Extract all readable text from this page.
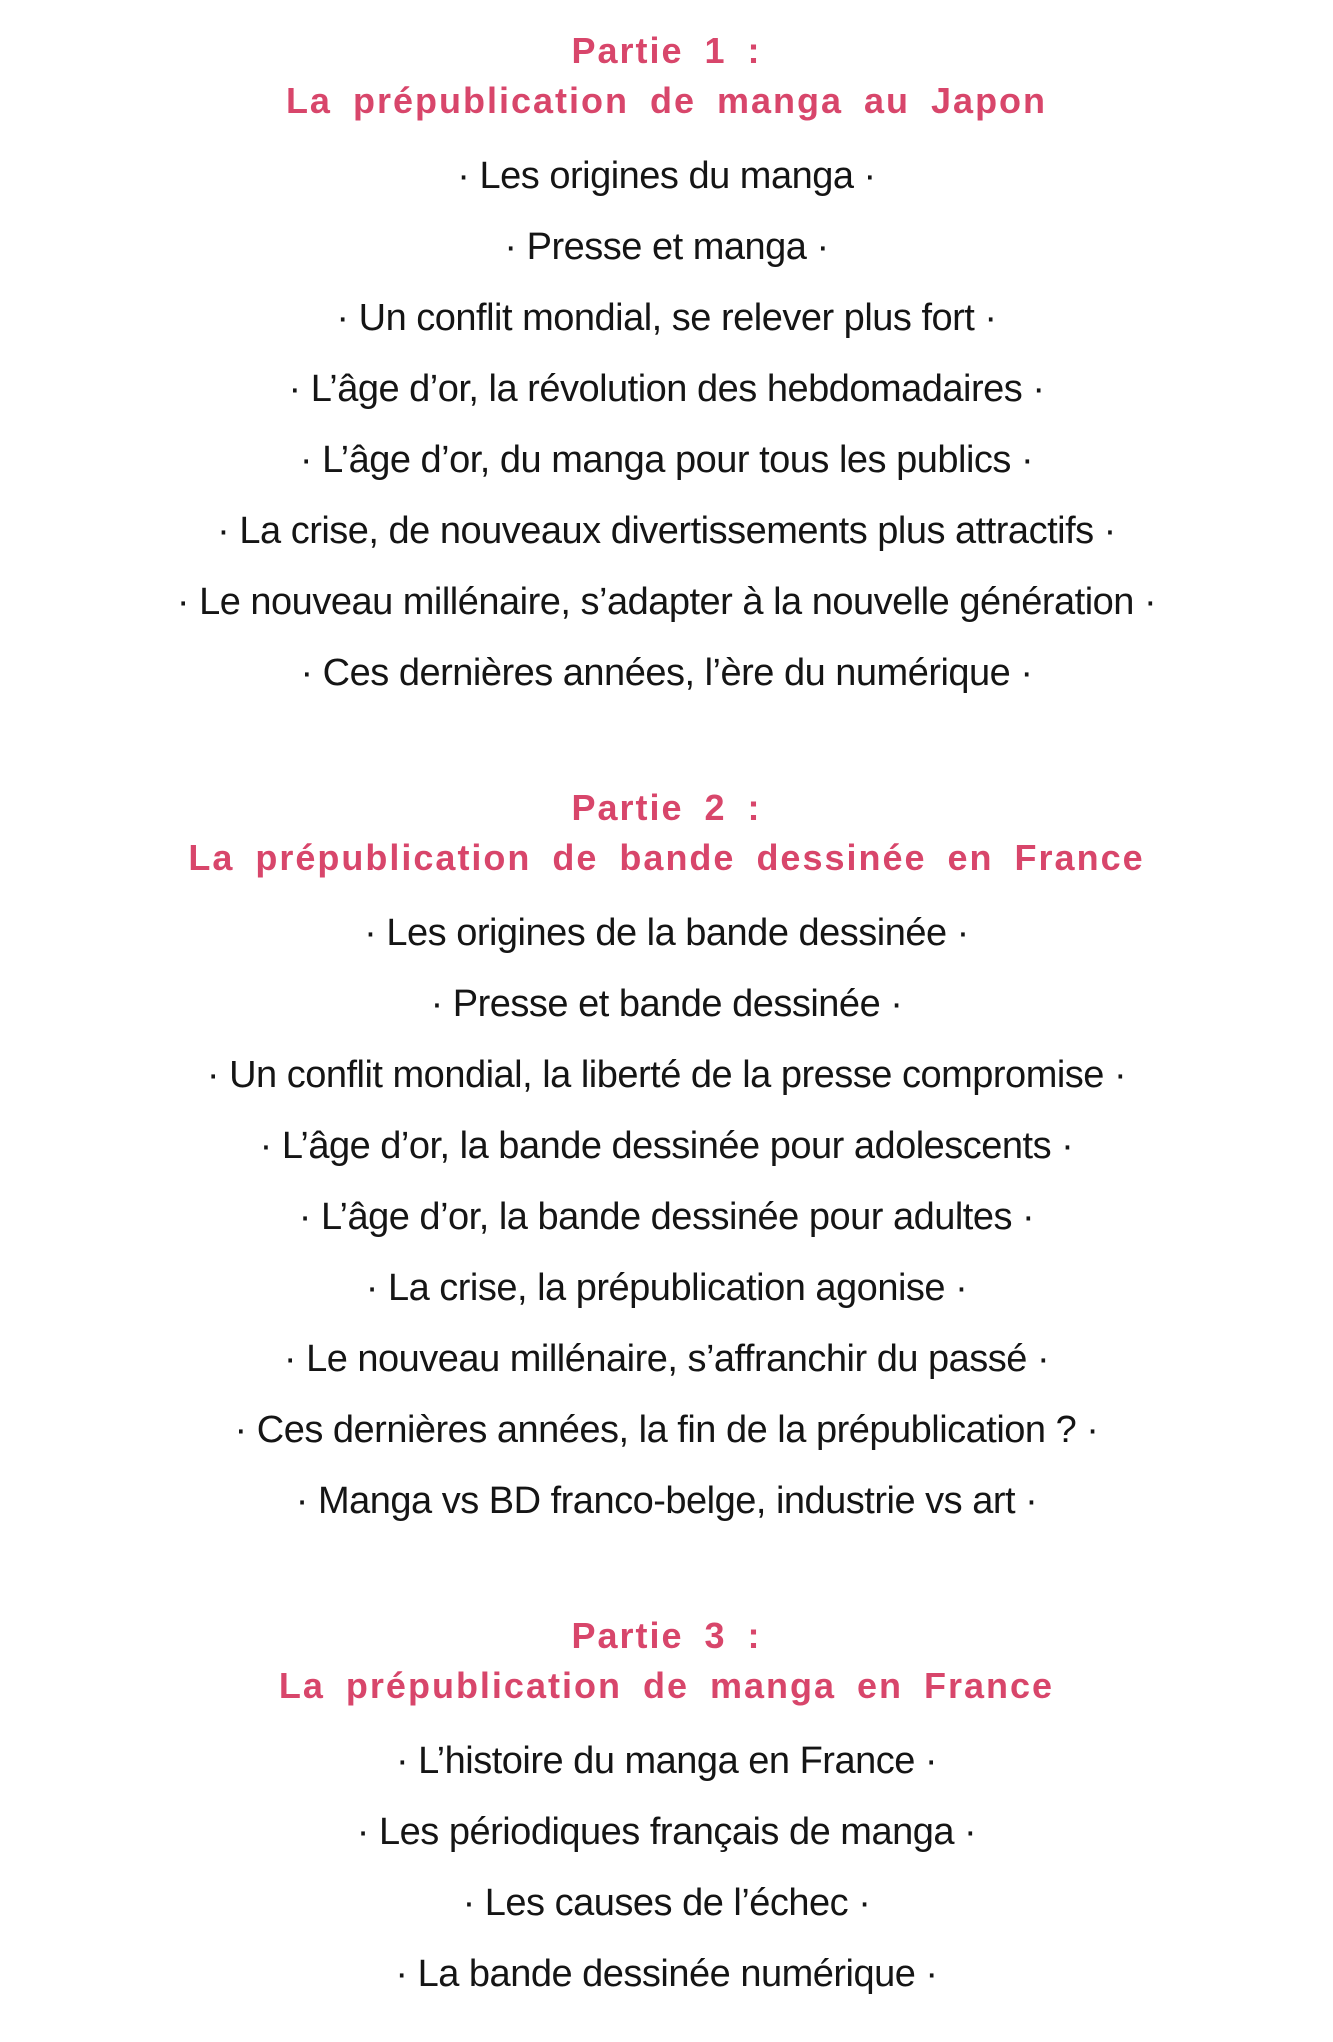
Partie 1 :
La prépublication de manga au Japon
· Les origines du manga ·
· Presse et manga ·
· Un conflit mondial, se relever plus fort ·
· L’âge d’or, la révolution des hebdomadaires ·
· L’âge d’or, du manga pour tous les publics ·
· La crise, de nouveaux divertissements plus attractifs ·
· Le nouveau millénaire, s’adapter à la nouvelle génération ·
· Ces dernières années, l’ère du numérique ·
Partie 2 :
La prépublication de bande dessinée en France
· Les origines de la bande dessinée ·
· Presse et bande dessinée ·
· Un conflit mondial, la liberté de la presse compromise ·
· L’âge d’or, la bande dessinée pour adolescents ·
· L’âge d’or, la bande dessinée pour adultes ·
· La crise, la prépublication agonise ·
· Le nouveau millénaire, s’affranchir du passé ·
· Ces dernières années, la fin de la prépublication ? ·
· Manga vs BD franco-belge, industrie vs art ·
Partie 3 :
La prépublication de manga en France
· L’histoire du manga en France ·
· Les périodiques français de manga ·
· Les causes de l’échec ·
· La bande dessinée numérique ·
